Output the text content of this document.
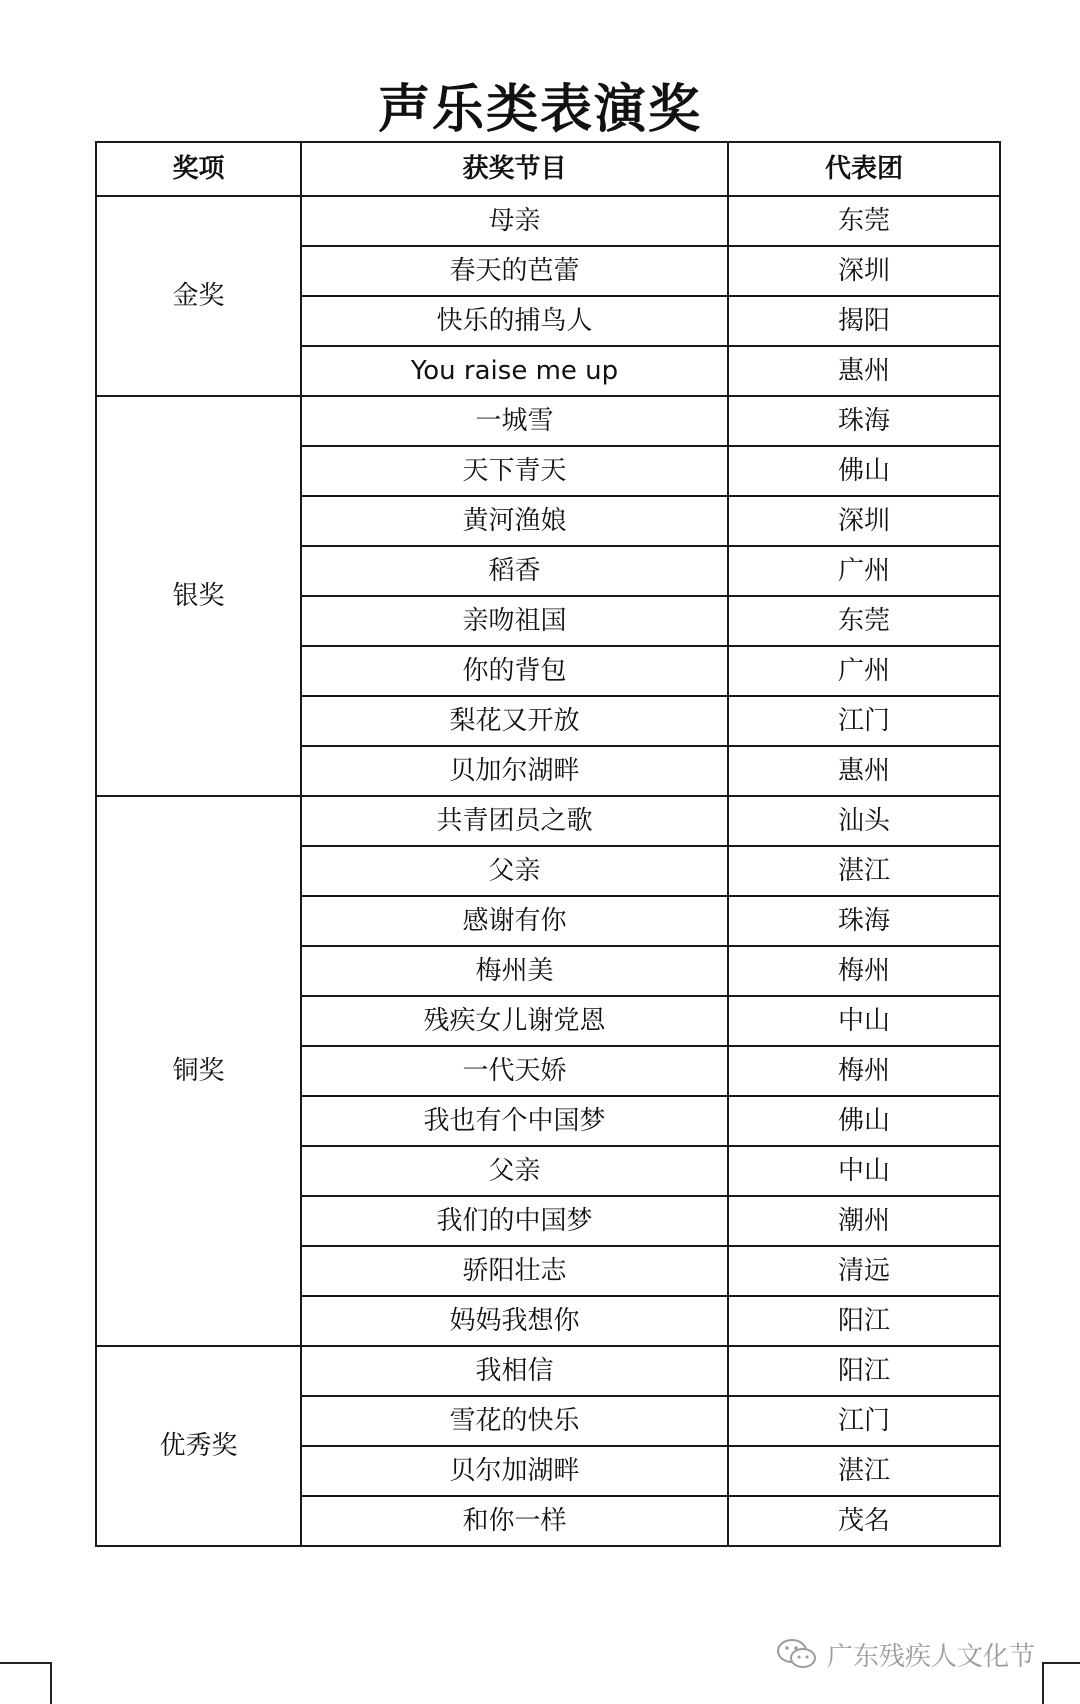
声乐类表演奖
奖项	获奖节目	代表团
金奖	母亲	东莞
	春天的芭蕾	深圳
	快乐的捕鸟人	揭阳
	You raise me up	惠州
银奖	一城雪	珠海
	天下青天	佛山
	黄河渔娘	深圳
	稻香	广州
	亲吻祖国	东莞
	你的背包	广州
	梨花又开放	江门
	贝加尔湖畔	惠州
铜奖	共青团员之歌	汕头
	父亲	湛江
	感谢有你	珠海
	梅州美	梅州
	残疾女儿谢党恩	中山
	一代天娇	梅州
	我也有个中国梦	佛山
	父亲	中山
	我们的中国梦	潮州
	骄阳壮志	清远
	妈妈我想你	阳江
优秀奖	我相信	阳江
	雪花的快乐	江门
	贝尔加湖畔	湛江
	和你一样	茂名
广东残疾人文化节
